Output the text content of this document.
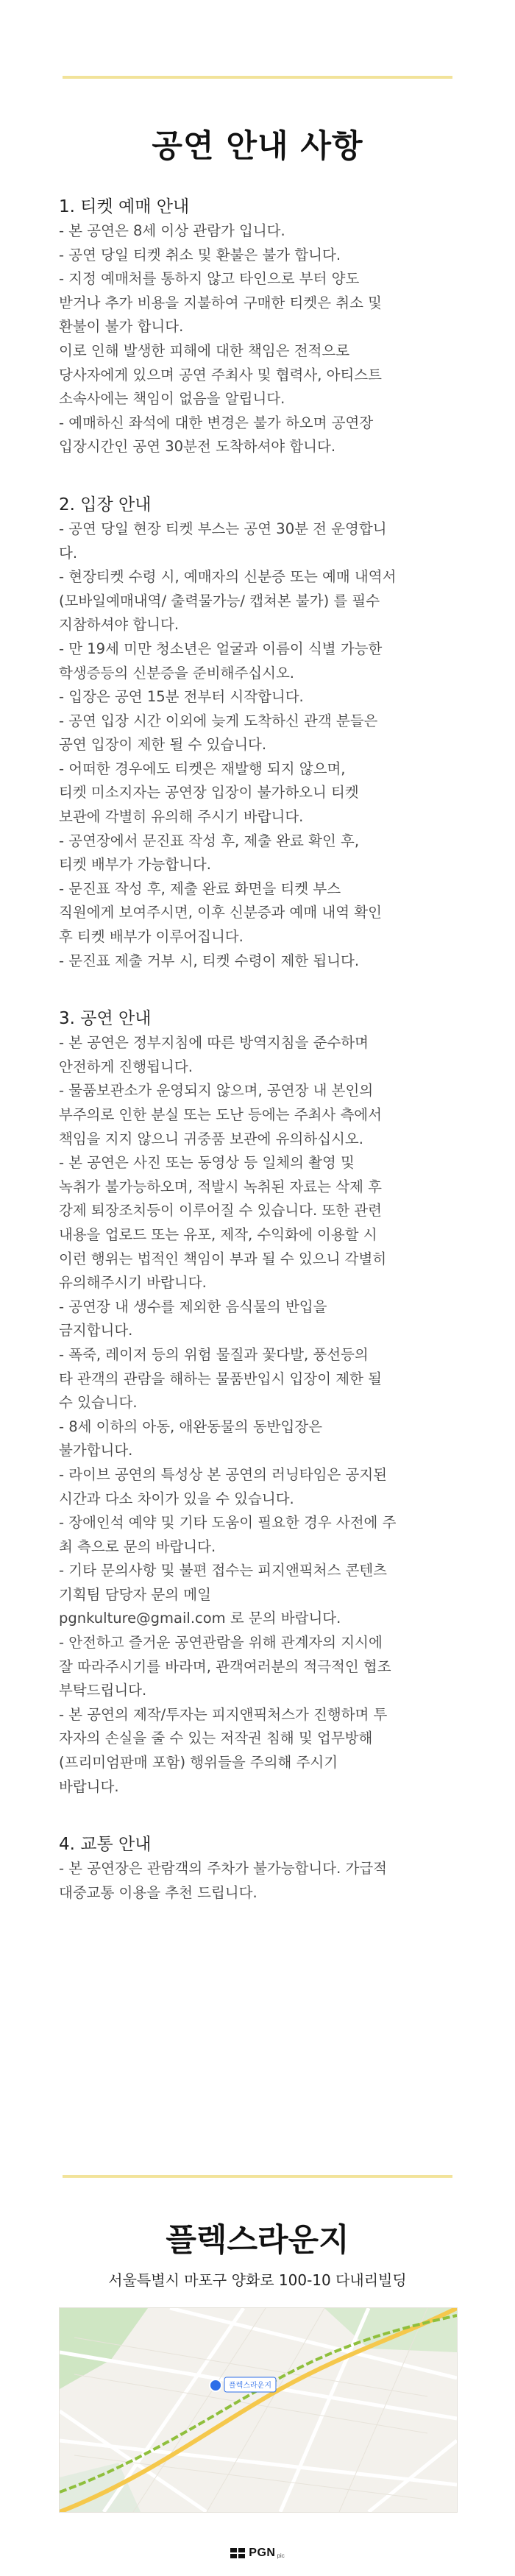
공연 안내 사항
1. 티켓 예매 안내

- 본 공연은 8세 이상 관람가 입니다.

- 공연 당일 티켓 취소 및 환불은 불가 합니다.

- 지정 예매처를 통하지 않고 타인으로 부터 양도

받거나 추가 비용을 지불하여 구매한 티켓은 취소 및

환불이 불가 합니다.

이로 인해 발생한 피해에 대한 책임은 전적으로

당사자에게 있으며 공연 주최사 및 협력사, 아티스트

소속사에는 책임이 없음을 알립니다.

- 예매하신 좌석에 대한 변경은 불가 하오며 공연장

입장시간인 공연 30분전 도착하셔야 합니다.

2. 입장 안내

- 공연 당일 현장 티켓 부스는 공연 30분 전 운영합니

다.

- 현장티켓 수령 시, 예매자의 신분증 또는 예매 내역서

(모바일예매내역/ 출력물가능/ 캡쳐본 불가) 를 필수

지참하셔야 합니다.

- 만 19세 미만 청소년은 얼굴과 이름이 식별 가능한

학생증등의 신분증을 준비해주십시오.

- 입장은 공연 15분 전부터 시작합니다.

- 공연 입장 시간 이외에 늦게 도착하신 관객 분들은

공연 입장이 제한 될 수 있습니다.

- 어떠한 경우에도 티켓은 재발행 되지 않으며,

티켓 미소지자는 공연장 입장이 불가하오니 티켓

보관에 각별히 유의해 주시기 바랍니다.

- 공연장에서 문진표 작성 후, 제출 완료 확인 후,

티켓 배부가 가능합니다.

- 문진표 작성 후, 제출 완료 화면을 티켓 부스

직원에게 보여주시면, 이후 신분증과 예매 내역 확인

후 티켓 배부가 이루어집니다.

- 문진표 제출 거부 시, 티켓 수령이 제한 됩니다.

3. 공연 안내

- 본 공연은 정부지침에 따른 방역지침을 준수하며

안전하게 진행됩니다.

- 물품보관소가 운영되지 않으며, 공연장 내 본인의

부주의로 인한 분실 또는 도난 등에는 주최사 측에서

책임을 지지 않으니 귀중품 보관에 유의하십시오.

- 본 공연은 사진 또는 동영상 등 일체의 촬영 및

녹취가 불가능하오며, 적발시 녹취된 자료는 삭제 후

강제 퇴장조치등이 이루어질 수 있습니다. 또한 관련

내용을 업로드 또는 유포, 제작, 수익화에 이용할 시

이런 행위는 법적인 책임이 부과 될 수 있으니 각별히

유의해주시기 바랍니다.

- 공연장 내 생수를 제외한 음식물의 반입을

금지합니다.

- 폭죽, 레이저 등의 위험 물질과 꽃다발, 풍선등의

타 관객의 관람을 해하는 물품반입시 입장이 제한 될

수 있습니다.

- 8세 이하의 아동, 애완동물의 동반입장은

불가합니다.

- 라이브 공연의 특성상 본 공연의 러닝타임은 공지된

시간과 다소 차이가 있을 수 있습니다.

- 장애인석 예약 및 기타 도움이 필요한 경우 사전에 주

최 측으로 문의 바랍니다.

- 기타 문의사항 및 불편 접수는 피지앤픽처스 콘텐츠

기획팀 담당자 문의 메일

pgnkulture@gmail.com 로 문의 바랍니다.

- 안전하고 즐거운 공연관람을 위해 관계자의 지시에

잘 따라주시기를 바라며, 관객여러분의 적극적인 협조

부탁드립니다.

- 본 공연의 제작/투자는 피지앤픽처스가 진행하며 투

자자의 손실을 줄 수 있는 저작권 침해 및 업무방해

(프리미엄판매 포함) 행위들을 주의해 주시기

바랍니다.

4. 교통 안내

- 본 공연장은 관람객의 주차가 불가능합니다. 가급적

대중교통 이용을 추천 드립니다.

플렉스라운지
서울특별시 마포구 양화로 100-10 다내리빌딩
플렉스라운지
PGN pic
